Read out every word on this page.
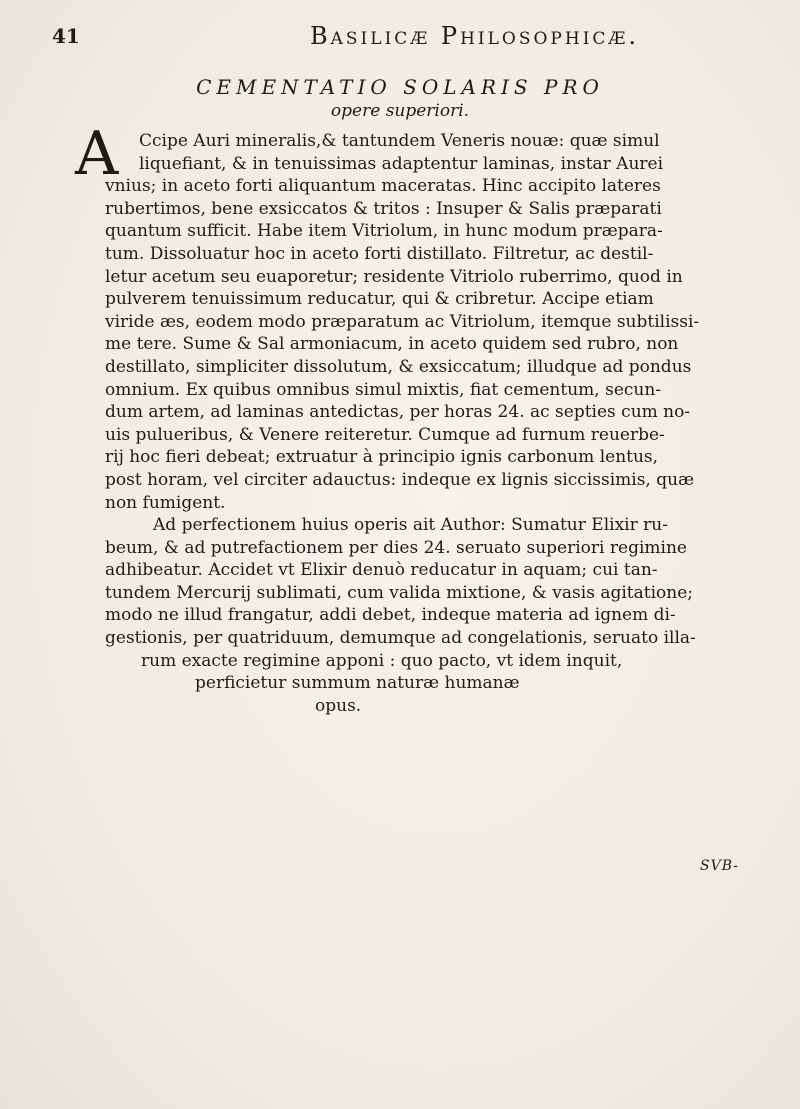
41	Basilicæ Philosophicæ.
CEMENTATIO SOLARIS PRO
opere superiori.
A	Ccipe Auri mineralis,& tantundem Veneris nouæ: quæ simul
liquefiant, & in tenuissimas adaptentur laminas, instar Aurei
vnius; in aceto forti aliquantum maceratas. Hinc accipito lateres
rubertimos, bene exsiccatos & tritos : Insuper & Salis præparati
quantum sufficit. Habe item Vitriolum, in hunc modum præpara-
tum. Dissoluatur hoc in aceto forti distillato. Filtretur, ac destil-
letur acetum seu euaporetur; residente Vitriolo ruberrimo, quod in
pulverem tenuissimum reducatur, qui & cribretur. Accipe etiam
viride æs, eodem modo præparatum ac Vitriolum, itemque subtilissi-
me tere. Sume & Sal armoniacum, in aceto quidem sed rubro, non
destillato, simpliciter dissolutum, & exsiccatum; illudque ad pondus
omnium. Ex quibus omnibus simul mixtis, fiat cementum, secun-
dum artem, ad laminas antedictas, per horas 24. ac septies cum no-
uis pulueribus, & Venere reiteretur. Cumque ad furnum reuerbe-
rij hoc fieri debeat; extruatur à principio ignis carbonum lentus,
post horam, vel circiter adauctus: indeque ex lignis siccissimis, quæ
non fumigent.
Ad perfectionem huius operis ait Author: Sumatur Elixir ru-
beum, & ad putrefactionem per dies 24. seruato superiori regimine
adhibeatur. Accidet vt Elixir denuò reducatur in aquam; cui tan-
tundem Mercurij sublimati, cum valida mixtione, & vasis agitatione;
modo ne illud frangatur, addi debet, indeque materia ad ignem di-
gestionis, per quatriduum, demumque ad congelationis, seruato illa-
rum exacte regimine apponi : quo pacto, vt idem inquit,
perficietur summum naturæ humanæ
opus.
SVB-
